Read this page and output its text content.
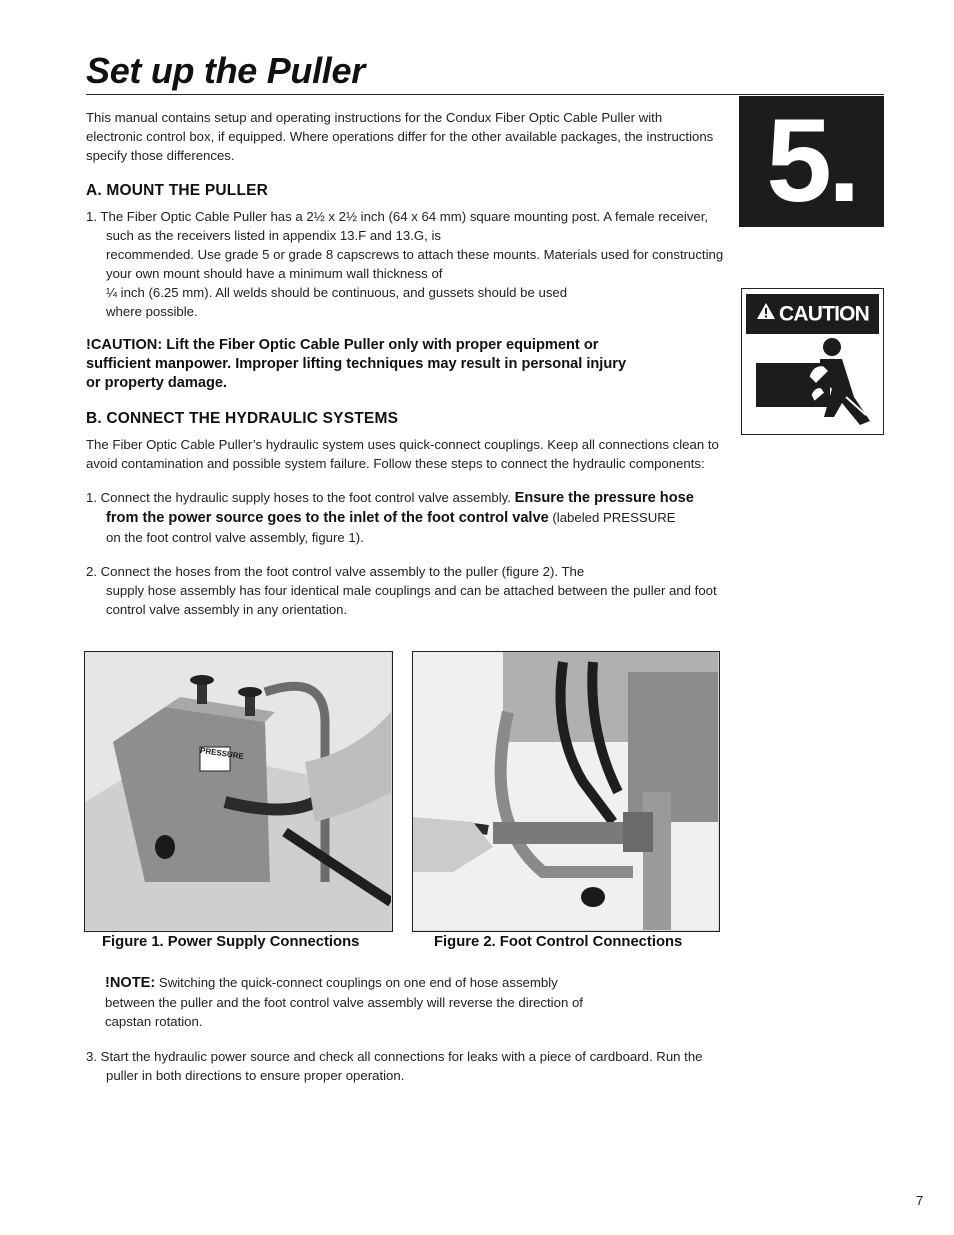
Set up the Puller
5.
This manual contains setup and operating instructions for the Condux Fiber Optic Cable Puller with electronic control box, if equipped. Where operations differ for the other available packages, the instructions specify those differences.
A. MOUNT THE PULLER
1. The Fiber Optic Cable Puller has a 2½ x 2½ inch (64 x 64 mm) square mounting post. A female receiver,
such as the receivers listed in appendix 13.F and 13.G, is
recommended. Use grade 5 or grade 8 capscrews to attach these mounts. Materials used for constructing
your own mount should have a minimum wall thickness of
¼ inch (6.25 mm). All welds should be continuous, and gussets should be used
where possible.
!CAUTION: Lift the Fiber Optic Cable Puller only with proper equipment or
sufficient manpower. Improper lifting techniques may result in personal injury
or property damage.
CAUTION
B. CONNECT THE HYDRAULIC SYSTEMS
The Fiber Optic Cable Puller’s hydraulic system uses quick-connect couplings. Keep all connections clean to
avoid contamination and possible system failure. Follow these steps to connect the hydraulic components:
1. Connect the hydraulic supply hoses to the foot control valve assembly. Ensure the pressure hose
from the power source goes to the inlet of the foot control valve (labeled PRESSURE
on the foot control valve assembly, figure 1).
2. Connect the hoses from the foot control valve assembly to the puller (figure 2). The
supply hose assembly has four identical male couplings and can be attached between the puller and foot
control valve assembly in any orientation.
PRESSURE
Figure 1. Power Supply Connections	Figure 2. Foot Control Connections
!NOTE: Switching the quick-connect couplings on one end of hose assembly
between the puller and the foot control valve assembly will reverse the direction of
capstan rotation.
3. Start the hydraulic power source and check all connections for leaks with a piece of cardboard. Run the
puller in both directions to ensure proper operation.
7
